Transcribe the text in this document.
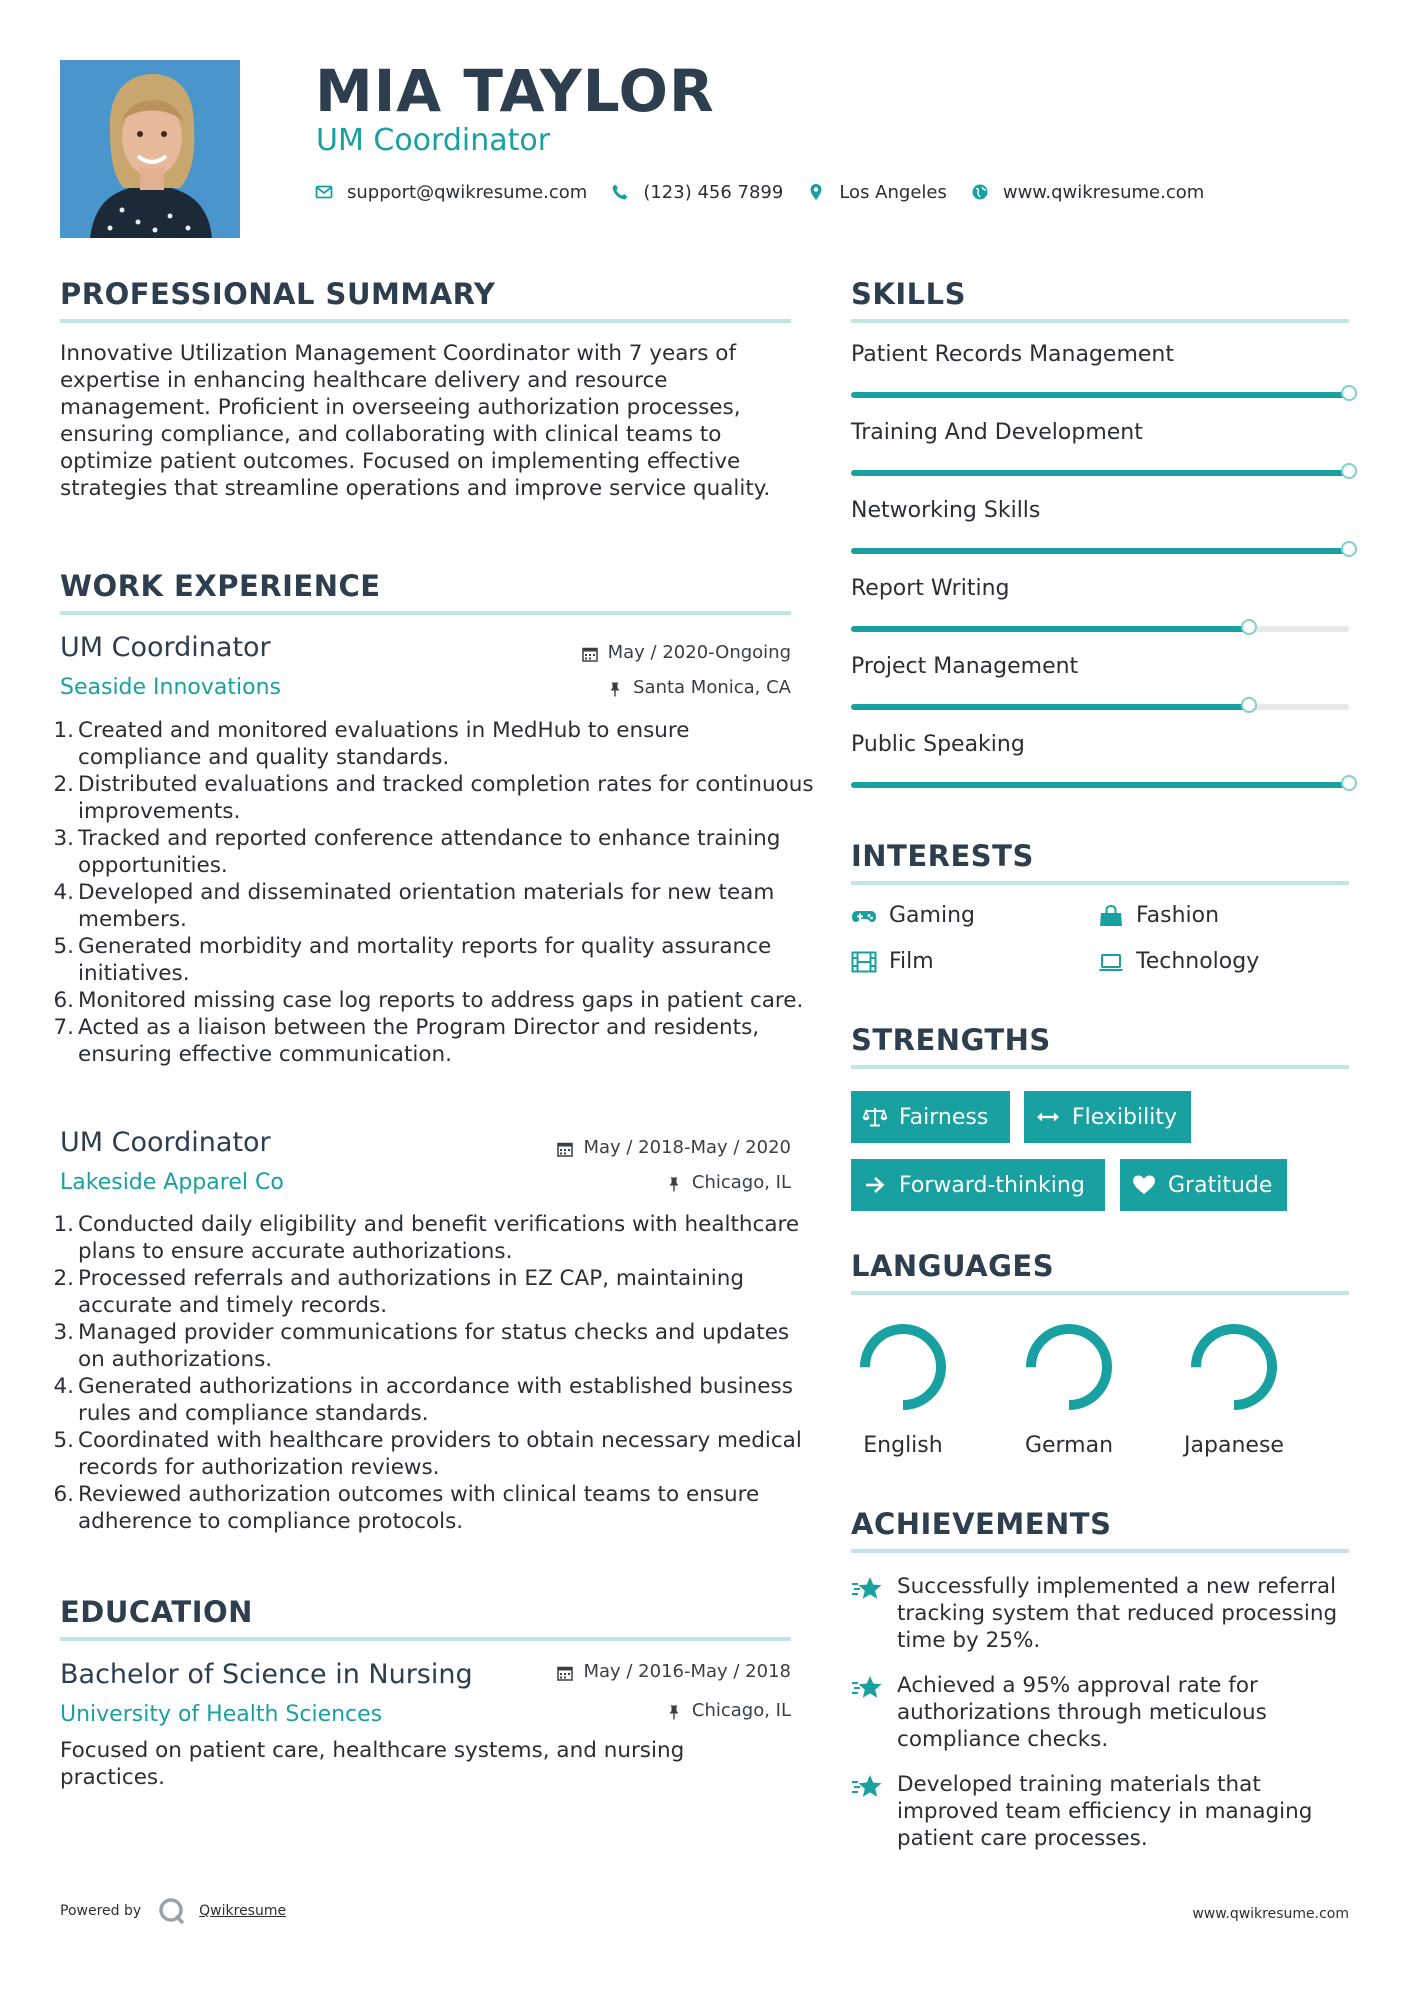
MIA TAYLOR
UM Coordinator
support@qwikresume.com	(123) 456 7899	Los Angeles	www.qwikresume.com
PROFESSIONAL SUMMARY
Innovative Utilization Management Coordinator with 7 years of expertise in enhancing healthcare delivery and resource management. Proficient in overseeing authorization processes, ensuring compliance, and collaborating with clinical teams to optimize patient outcomes. Focused on implementing effective strategies that streamline operations and improve service quality.
WORK EXPERIENCE
UM Coordinator
Seaside Innovations
May / 2020-Ongoing
Santa Monica, CA
Created and monitored evaluations in MedHub to ensure compliance and quality standards.
Distributed evaluations and tracked completion rates for continuous improvements.
Tracked and reported conference attendance to enhance training opportunities.
Developed and disseminated orientation materials for new team members.
Generated morbidity and mortality reports for quality assurance initiatives.
Monitored missing case log reports to address gaps in patient care.
Acted as a liaison between the Program Director and residents, ensuring effective communication.
UM Coordinator
Lakeside Apparel Co
May / 2018-May / 2020
Chicago, IL
Conducted daily eligibility and benefit verifications with healthcare plans to ensure accurate authorizations.
Processed referrals and authorizations in EZ CAP, maintaining accurate and timely records.
Managed provider communications for status checks and updates on authorizations.
Generated authorizations in accordance with established business rules and compliance standards.
Coordinated with healthcare providers to obtain necessary medical records for authorization reviews.
Reviewed authorization outcomes with clinical teams to ensure adherence to compliance protocols.
EDUCATION
Bachelor of Science in Nursing
University of Health Sciences
May / 2016-May / 2018
Chicago, IL
Focused on patient care, healthcare systems, and nursing practices.
SKILLS
Patient Records Management
Training And Development
Networking Skills
Report Writing
Project Management
Public Speaking
INTERESTS
Gaming	Fashion
Film	Technology
STRENGTHS
Fairness	Flexibility
Forward-thinking	Gratitude
LANGUAGES
English	German	Japanese
ACHIEVEMENTS
Successfully implemented a new referral tracking system that reduced processing time by 25%.
Achieved a 95% approval rate for authorizations through meticulous compliance checks.
Developed training materials that improved team efficiency in managing patient care processes.
Powered by	Qwikresume	www.qwikresume.com
